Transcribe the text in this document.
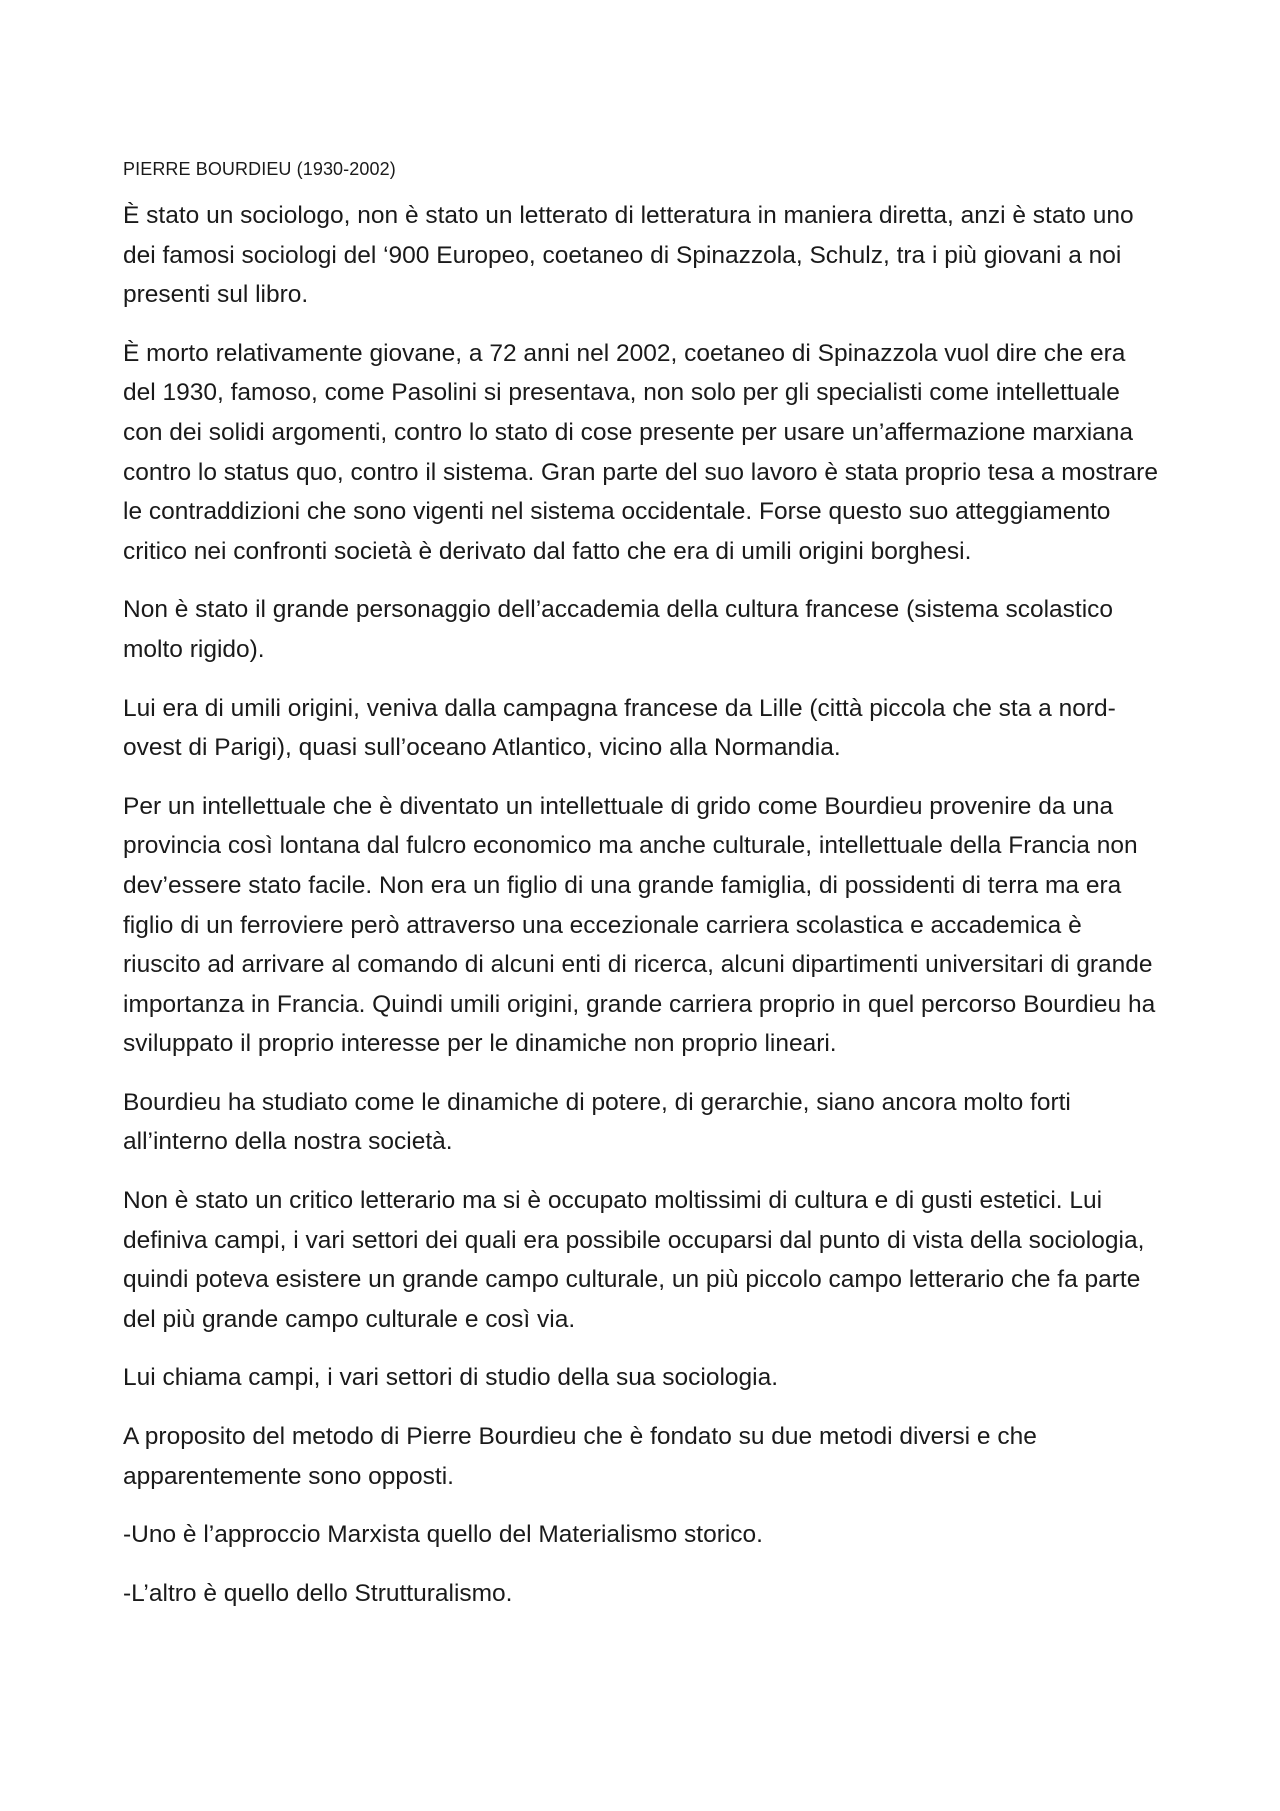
PIERRE BOURDIEU (1930-2002)

È stato un sociologo, non è stato un letterato di letteratura in maniera diretta, anzi è stato uno dei famosi sociologi del ‘900 Europeo, coetaneo di Spinazzola, Schulz, tra i più giovani a noi presenti sul libro.

È morto relativamente giovane, a 72 anni nel 2002, coetaneo di Spinazzola vuol dire che era del 1930, famoso, come Pasolini si presentava, non solo per gli specialisti come intellettuale con dei solidi argomenti, contro lo stato di cose presente per usare un’affermazione marxiana contro lo status quo, contro il sistema. Gran parte del suo lavoro è stata proprio tesa a mostrare le contraddizioni che sono vigenti nel sistema occidentale. Forse questo suo atteggiamento critico nei confronti società è derivato dal fatto che era di umili origini borghesi.

Non è stato il grande personaggio dell’accademia della cultura francese (sistema scolastico molto rigido).

Lui era di umili origini, veniva dalla campagna francese da Lille (città piccola che sta a nord-ovest di Parigi), quasi sull’oceano Atlantico, vicino alla Normandia.

Per un intellettuale che è diventato un intellettuale di grido come Bourdieu provenire da una provincia così lontana dal fulcro economico ma anche culturale, intellettuale della Francia non dev’essere stato facile. Non era un figlio di una grande famiglia, di possidenti di terra ma era figlio di un ferroviere però attraverso una eccezionale carriera scolastica e accademica è riuscito ad arrivare al comando di alcuni enti di ricerca, alcuni dipartimenti universitari di grande importanza in Francia. Quindi umili origini, grande carriera proprio in quel percorso Bourdieu ha sviluppato il proprio interesse per le dinamiche non proprio lineari.

Bourdieu ha studiato come le dinamiche di potere, di gerarchie, siano ancora molto forti all’interno della nostra società.

Non è stato un critico letterario ma si è occupato moltissimi di cultura e di gusti estetici. Lui definiva campi, i vari settori dei quali era possibile occuparsi dal punto di vista della sociologia, quindi poteva esistere un grande campo culturale, un più piccolo campo letterario che fa parte del più grande campo culturale e così via.

Lui chiama campi, i vari settori di studio della sua sociologia.

A proposito del metodo di Pierre Bourdieu che è fondato su due metodi diversi e che apparentemente sono opposti.

-Uno è l’approccio Marxista quello del Materialismo storico.

-L’altro è quello dello Strutturalismo.
